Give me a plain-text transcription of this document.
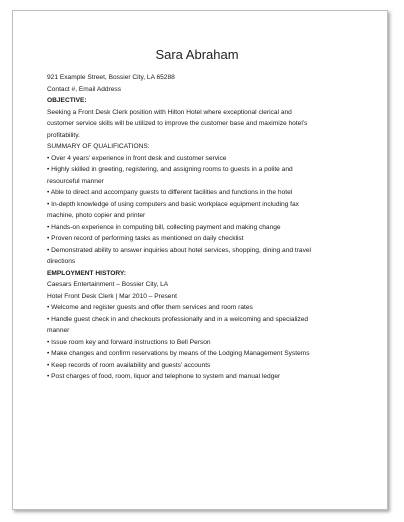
Sara Abraham
921 Example Street, Bossier City, LA 65288
Contact #, Email Address
OBJECTIVE:
Seeking a Front Desk Clerk position with Hilton Hotel where exceptional clerical and
customer service skills will be utilized to improve the customer base and maximize hotel’s
profitability.
SUMMARY OF QUALIFICATIONS:
• Over 4 years’ experience in front desk and customer service
• Highly skilled in greeting, registering, and assigning rooms to guests in a polite and
resourceful manner
• Able to direct and accompany guests to different facilities and functions in the hotel
• In-depth knowledge of using computers and basic workplace equipment including fax
machine, photo copier and printer
• Hands-on experience in computing bill, collecting payment and making change
• Proven record of performing tasks as mentioned on daily checklist
• Demonstrated ability to answer inquiries about hotel services, shopping, dining and travel
directions
EMPLOYMENT HISTORY:
Caesars Entertainment – Bossier City, LA
Hotel Front Desk Clerk | Mar 2010 – Present
• Welcome and register guests and offer them services and room rates
• Handle guest check in and checkouts professionally and in a welcoming and specialized
manner
• Issue room key and forward instructions to Bell Person
• Make changes and confirm reservations by means of the Lodging Management Systems
• Keep records of room availability and guests’ accounts
• Post charges of food, room, liquor and telephone to system and manual ledger
